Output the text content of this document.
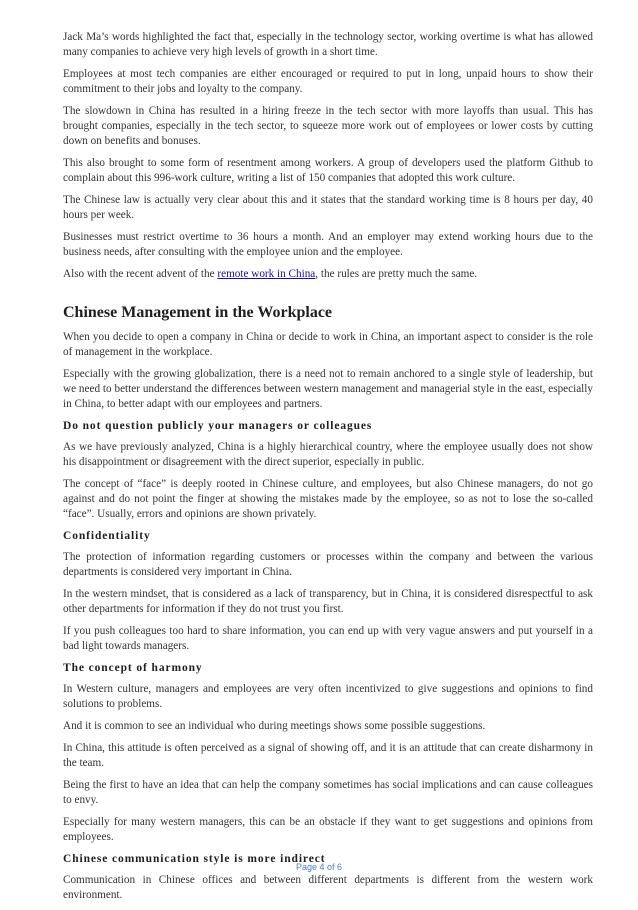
Jack Ma’s words highlighted the fact that, especially in the technology sector, working overtime is what has allowed many companies to achieve very high levels of growth in a short time.

Employees at most tech companies are either encouraged or required to put in long, unpaid hours to show their commitment to their jobs and loyalty to the company.

The slowdown in China has resulted in a hiring freeze in the tech sector with more layoffs than usual. This has brought companies, especially in the tech sector, to squeeze more work out of employees or lower costs by cutting down on benefits and bonuses.

This also brought to some form of resentment among workers. A group of developers used the platform Github to complain about this 996-work culture, writing a list of 150 companies that adopted this work culture.

The Chinese law is actually very clear about this and it states that the standard working time is 8 hours per day, 40 hours per week.

Businesses must restrict overtime to 36 hours a month. And an employer may extend working hours due to the business needs, after consulting with the employee union and the employee.

Also with the recent advent of the remote work in China, the rules are pretty much the same.

Chinese Management in the Workplace

When you decide to open a company in China or decide to work in China, an important aspect to consider is the role of management in the workplace.

Especially with the growing globalization, there is a need not to remain anchored to a single style of leadership, but we need to better understand the differences between western management and managerial style in the east, especially in China, to better adapt with our employees and partners.

Do not question publicly your managers or colleagues

As we have previously analyzed, China is a highly hierarchical country, where the employee usually does not show his disappointment or disagreement with the direct superior, especially in public.

The concept of “face” is deeply rooted in Chinese culture, and employees, but also Chinese managers, do not go against and do not point the finger at showing the mistakes made by the employee, so as not to lose the so-called “face”. Usually, errors and opinions are shown privately.

Confidentiality

The protection of information regarding customers or processes within the company and between the various departments is considered very important in China.

In the western mindset, that is considered as a lack of transparency, but in China, it is considered disrespectful to ask other departments for information if they do not trust you first.

If you push colleagues too hard to share information, you can end up with very vague answers and put yourself in a bad light towards managers.

The concept of harmony

In Western culture, managers and employees are very often incentivized to give suggestions and opinions to find solutions to problems.

And it is common to see an individual who during meetings shows some possible suggestions.

In China, this attitude is often perceived as a signal of showing off, and it is an attitude that can create disharmony in the team.

Being the first to have an idea that can help the company sometimes has social implications and can cause colleagues to envy.

Especially for many western managers, this can be an obstacle if they want to get suggestions and opinions from employees.

Chinese communication style is more indirect

Communication in Chinese offices and between different departments is different from the western work environment.

Page 4 of 6
